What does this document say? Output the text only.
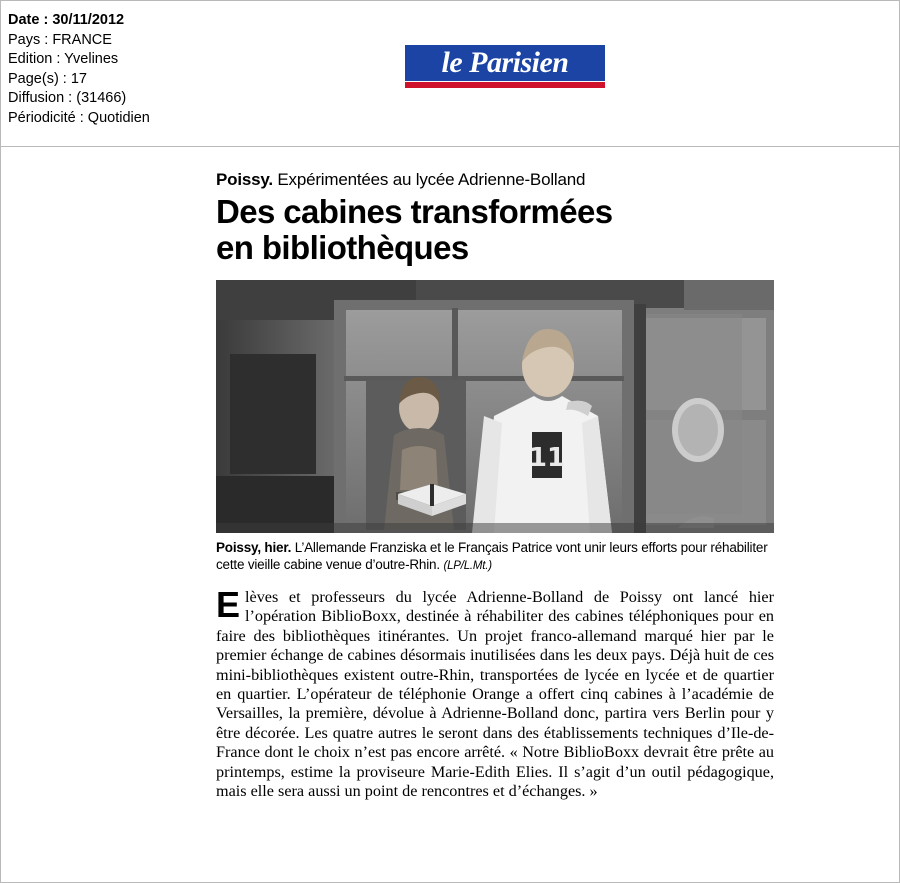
Date : 30/11/2012
Pays : FRANCE
Edition : Yvelines
Page(s) : 17
Diffusion : (31466)
Périodicité : Quotidien
le Parisien

Poissy. Expérimentées au lycée Adrienne-Bolland

Des cabines transformées
en bibliothèques
11

Poissy, hier. L’Allemande Franziska et le Français Patrice vont unir leurs efforts pour réhabiliter cette vieille cabine venue d’outre-Rhin. (LP/L.Mt.)

Elèves et professeurs du lycée Adrienne-Bolland de Poissy ont lancé hier l’opération BiblioBoxx, destinée à réhabiliter des cabines téléphoniques pour en faire des bibliothèques itinérantes. Un projet franco-allemand marqué hier par le premier échange de cabines désormais inutilisées dans les deux pays. Déjà huit de ces mini-bibliothèques existent outre-Rhin, transportées de lycée en lycée et de quartier en quartier. L’opérateur de téléphonie Orange a offert cinq cabines à l’académie de Versailles, la première, dévolue à Adrienne-Bolland donc, partira vers Berlin pour y être décorée. Les quatre autres le seront dans des établissements techniques d’Ile-de-France dont le choix n’est pas encore arrêté. « Notre BiblioBoxx devrait être prête au printemps, estime la proviseure Marie-Edith Elies. Il s’agit d’un outil pédagogique, mais elle sera aussi un point de rencontres et d’échanges. »
